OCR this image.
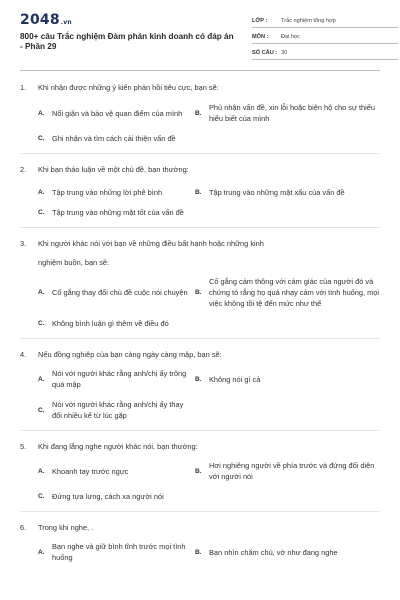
2048.vn
800+ câu Trắc nghiệm Đàm phán kinh doanh có đáp án - Phần 29
LỚP :	Trắc nghiệm tổng hợp
MÔN :	Đại học
SỐ CÂU : 30
1.	Khi nhận được những ý kiến phản hồi tiêu cực, bạn sẽ:
A.	Nổi giận và bảo vệ quan điểm của mình	B.
Phủ nhận vấn đề, xin lỗi hoặc biện hộ cho sự thiếu hiểu biết của mình
C.	Ghi nhận và tìm cách cải thiện vấn đề
2.	Khi bạn thảo luận về một chủ đề, bạn thường:
A.	Tập trung vào những lời phê bình	B.	Tập trung vào những mặt xấu của vấn đề
C.	Tập trung vào những mặt tốt của vấn đề
3.	Khi người khác nói với bạn về những điều bất hạnh hoặc những kinh
nghiệm buồn, bạn sẽ:
A.	Cố gắng thay đổi chủ đề cuộc nói chuyện	B.
Cố gắng cảm thông với cảm giác của người đó và chứng tỏ rằng họ quá nhạy cảm với tình huống, mọi việc không tồi tệ đến mức như thế
C.	Không bình luận gì thêm về điều đó
4.	Nếu đồng nghiệp của bạn càng ngày càng mập, bạn sẽ:
A.
Nói với người khác rằng anh/chị ấy trông quá mập
B.	Không nói gì cả
C.
Nói với người khác rằng anh/chị ấy thay đổi nhiều kể từ lúc gặp
5.	Khi đang lắng nghe người khác nói, bạn thường:
A.	Khoanh tay trước ngực	B.
Hơi nghiêng người về phía trước và đứng đối diện với người nói
C.	Đứng tựa lưng, cách xa người nói
6.	Trong khi nghe, .
A.
Bạn nghe và giữ bình tĩnh trước mọi tình huống
B.	Bạn nhìn chăm chú, vờ như đang nghe
